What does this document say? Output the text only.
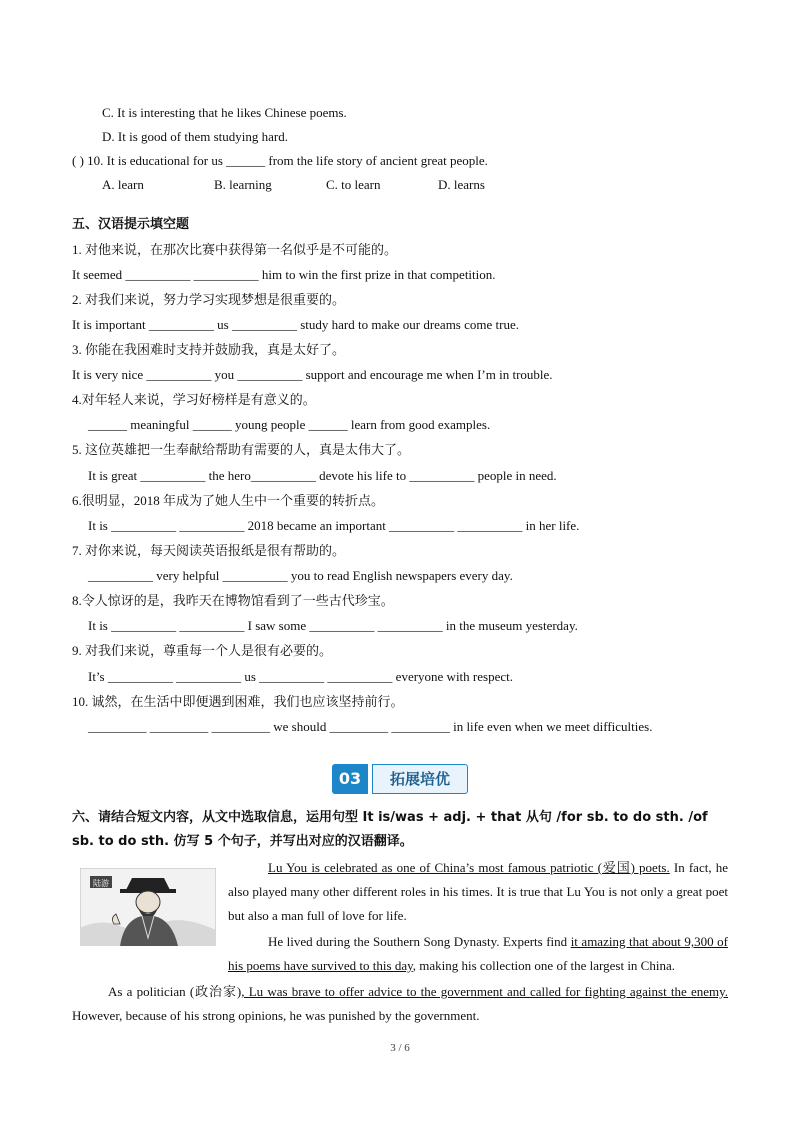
C. It is interesting that he likes Chinese poems.
D. It is good of them studying hard.
( ) 10. It is educational for us ______ from the life story of ancient great people.
A. learn	B. learning	C. to learn	D. learns
五、汉语提示填空题
1. 对他来说，在那次比赛中获得第一名似乎是不可能的。
It seemed __________ __________ him to win the first prize in that competition.
2. 对我们来说，努力学习实现梦想是很重要的。
It is important __________ us __________ study hard to make our dreams come true.
3. 你能在我困难时支持并鼓励我，真是太好了。
It is very nice __________ you __________ support and encourage me when I’m in trouble.
4.对年轻人来说，学习好榜样是有意义的。
______ meaningful ______ young people ______ learn from good examples.
5. 这位英雄把一生奉献给帮助有需要的人，真是太伟大了。
It is great __________ the hero__________ devote his life to __________ people in need.
6.很明显，2018 年成为了她人生中一个重要的转折点。
It is __________ __________ 2018 became an important __________ __________ in her life.
7. 对你来说，每天阅读英语报纸是很有帮助的。
__________ very helpful __________ you to read English newspapers every day.
8.令人惊讶的是，我昨天在博物馆看到了一些古代珍宝。
It is __________ __________ I saw some __________ __________ in the museum yesterday.
9. 对我们来说，尊重每一个人是很有必要的。
It’s __________ __________ us __________ __________ everyone with respect.
10. 诚然，在生活中即便遇到困难，我们也应该坚持前行。
_________ _________ _________ we should _________ _________ in life even when we meet difficulties.
03	拓展培优
六、请结合短文内容，从文中选取信息，运用句型 It is/was + adj. + that 从句 /for sb. to do sth. /of sb. to do sth. 仿写 5 个句子，并写出对应的汉语翻译。
陆游
Lu You is celebrated as one of China’s most famous patriotic (爱国) poets. In fact, he also played many other different roles in his times. It is true that Lu You is not only a great poet but also a man full of love for life.
He lived during the Southern Song Dynasty. Experts find it amazing that about 9,300 of his poems have survived to this day, making his collection one of the largest in China.
As a politician (政治家), Lu was brave to offer advice to the government and called for fighting against the enemy. However, because of his strong opinions, he was punished by the government.
3 / 6
